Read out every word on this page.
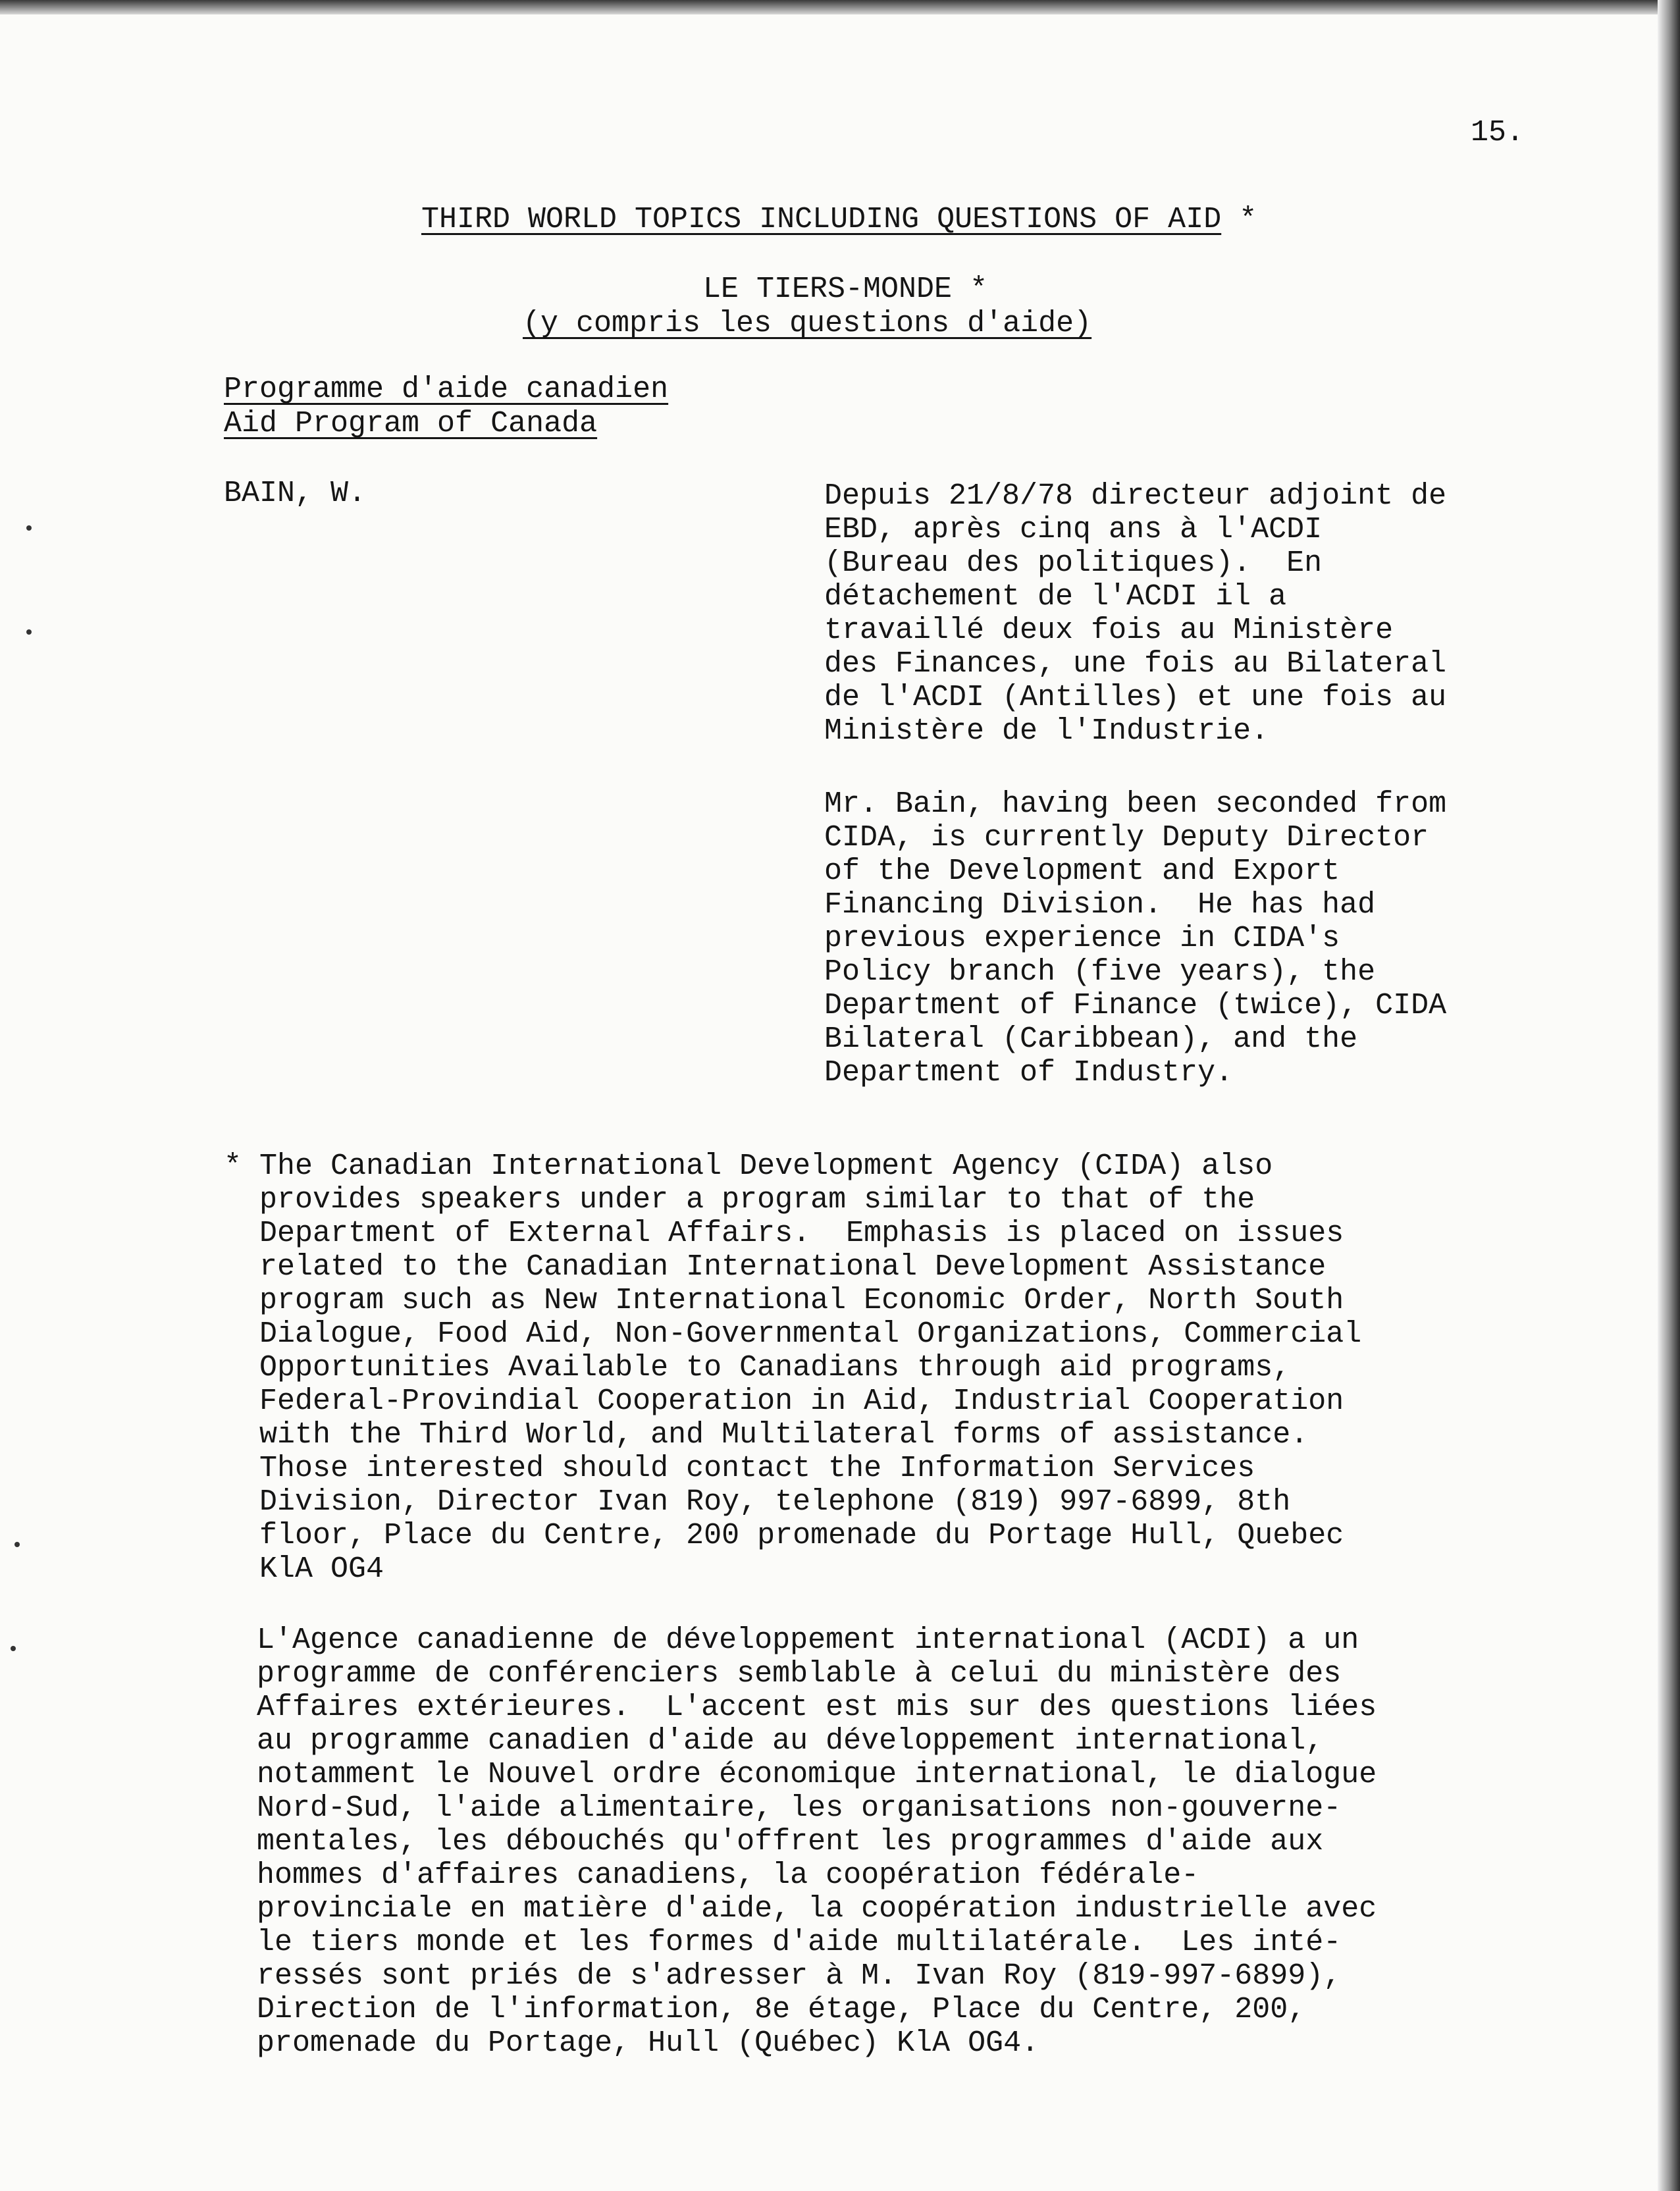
15.
THIRD WORLD TOPICS INCLUDING QUESTIONS OF AID *
LE TIERS-MONDE *
(y compris les questions d'aide)
Programme d'aide canadien
Aid Program of Canada
BAIN, W.	Depuis 21/8/78 directeur adjoint de
EBD, après cinq ans à l'ACDI
(Bureau des politiques).  En
détachement de l'ACDI il a
travaillé deux fois au Ministère
des Finances, une fois au Bilateral
de l'ACDI (Antilles) et une fois au
Ministère de l'Industrie.
Mr. Bain, having been seconded from
CIDA, is currently Deputy Director
of the Development and Export
Financing Division.  He has had
previous experience in CIDA's
Policy branch (five years), the
Department of Finance (twice), CIDA
Bilateral (Caribbean), and the
Department of Industry.
* The Canadian International Development Agency (CIDA) also
provides speakers under a program similar to that of the
Department of External Affairs.  Emphasis is placed on issues
related to the Canadian International Development Assistance
program such as New International Economic Order, North South
Dialogue, Food Aid, Non-Governmental Organizations, Commercial
Opportunities Available to Canadians through aid programs,
Federal-Provindial Cooperation in Aid, Industrial Cooperation
with the Third World, and Multilateral forms of assistance.
Those interested should contact the Information Services
Division, Director Ivan Roy, telephone (819) 997-6899, 8th
floor, Place du Centre, 200 promenade du Portage Hull, Quebec
KlA OG4
L'Agence canadienne de développement international (ACDI) a un
programme de conférenciers semblable à celui du ministère des
Affaires extérieures.  L'accent est mis sur des questions liées
au programme canadien d'aide au développement international,
notamment le Nouvel ordre économique international, le dialogue
Nord-Sud, l'aide alimentaire, les organisations non-gouverne-
mentales, les débouchés qu'offrent les programmes d'aide aux
hommes d'affaires canadiens, la coopération fédérale-
provinciale en matière d'aide, la coopération industrielle avec
le tiers monde et les formes d'aide multilatérale.  Les inté-
ressés sont priés de s'adresser à M. Ivan Roy (819-997-6899),
Direction de l'information, 8e étage, Place du Centre, 200,
promenade du Portage, Hull (Québec) KlA OG4.
